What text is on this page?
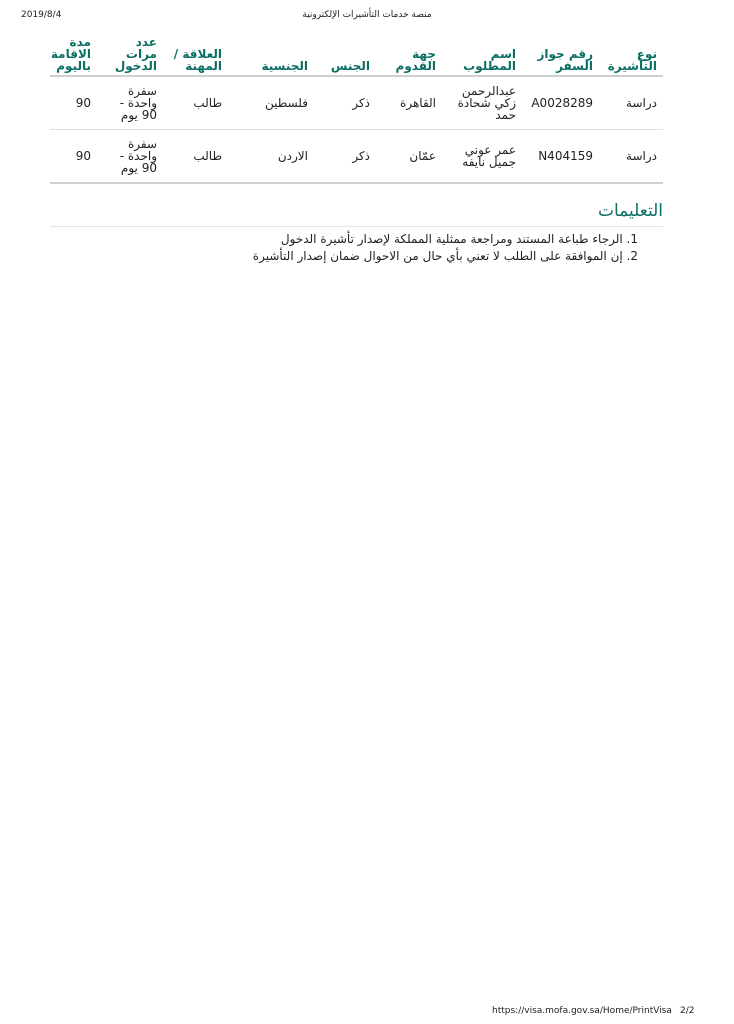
2019/8/4	منصة خدمات التأشيرات الإلكترونية
نوع التأشيرة	رقم جواز السفر	اسم المطلوب	جهة القدوم	الجنس	الجنسية	العلاقة / المهنة	عدد مرات الدخول	مدة الاقامة باليوم
دراسة	A0028289	عبدالرحمن زكي شحادة حمد	القاهرة	ذكر	فلسطين	طالب	سفرة واحدة - 90 يوم	90
دراسة	N404159	عمر عوني جميل نايفه	عمّان	ذكر	الاردن	طالب	سفرة واحدة - 90 يوم	90
التعليمات
1. الرجاء طباعة المستند ومراجعة ممثلية المملكة لإصدار تأشيرة الدخول
2. إن الموافقة على الطلب لا تعني بأي حال من الاحوال ضمان إصدار التأشيرة
https://visa.mofa.gov.sa/Home/PrintVisa 2/2
